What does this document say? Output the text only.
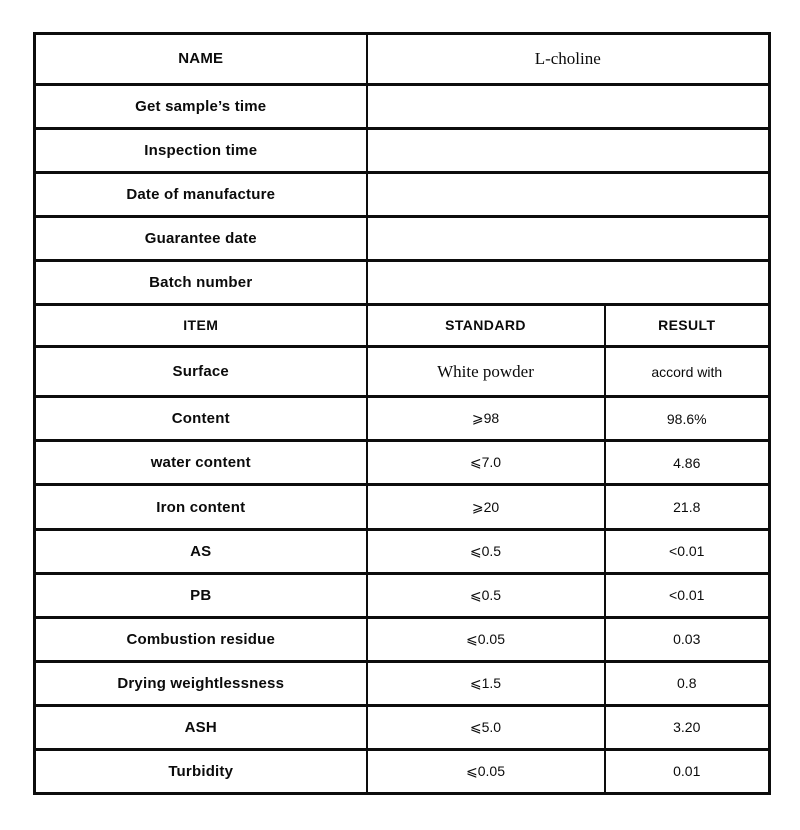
NAME	L-choline	
Get sample’s time		
Inspection time		
Date of manufacture		
Guarantee date		
Batch number		
ITEM	STANDARD	RESULT
Surface	White powder	accord with
Content	⩾98	98.6%
water content	⩽7.0	4.86
Iron content	⩾20	21.8
AS	⩽0.5	<0.01
PB	⩽0.5	<0.01
Combustion residue	⩽0.05	0.03
Drying weightlessness	⩽1.5	0.8
ASH	⩽5.0	3.20
Turbidity	⩽0.05	0.01
